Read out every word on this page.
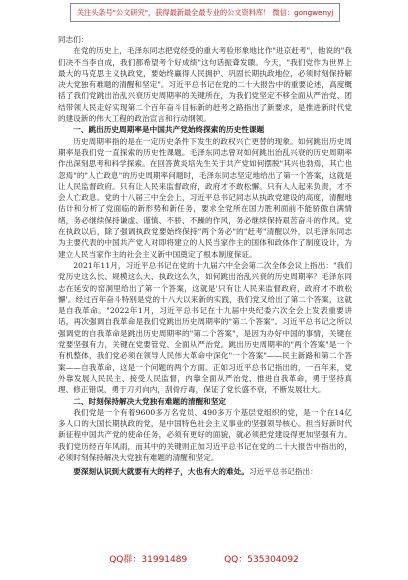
关注头条号"公文研究"，获得最新最全最专业的公文资料库！ 微信：gongwenyj

同志们：

在党的历史上，毛泽东同志把党经受的重大考验形象地比作"进京赶考"，他说的"我们决不当李自成，我们都希望考个好成绩"这句话振聋发聩。今天，"我们党作为世界上最大的马克思主义执政党，要始终赢得人民拥护、巩固长期执政地位，必须时刻保持解决大党独有难题的清醒和坚定"。习近平总书记在党的二十大报告中的重要论述，高度概括了我们党跳出治乱兴衰历史周期率的关键所在，为我们党坚定不移全面从严治党、团结带领人民走好实现第二个百年奋斗目标新的赶考之路指出了新要求，是推进新时代党的建设新的伟大工程的政治宣言和行动纲领。

一、跳出历史周期率是中国共产党始终探索的历史性课题

历史周期率指的是在一定历史条件下发生的政权兴亡更替的现象。如何跳出历史周期率是我们党一直探索的历史性课题。毛泽东同志曾对如何跳出治乱兴衰的历史周期率作出深刻思考和科学探索。在回答黄炎培先生关于共产党如何摆脱"其兴也勃焉，其亡也忽焉"的"人亡政息"的历史周期率问题时，毛泽东同志坚定地给出了第一个答案，这就是让人民监督政府。只有让人民来监督政府，政府才不敢松懈。只有人人起来负责，才不会人亡政息。党的十八届三中全会上，习近平总书记同志从执政党建设的高度，清醒地估计和分析了党面临的新形势和新任务，要求全党所在国力胜利面前不能骄傲自满情绪，务必继续保持谦虚、谨慎、不骄、不躁的作风，务必继续保持艰苦奋斗的作风。党在执政以后，除了强调执政党要始终保持"两个务必"的"赶考"清醒以外，以毛泽东同志为主要代表的中国共产党人对即将建立的人民当家作主的国体和政体作了制度设计，为建立人民当家作主的社会主义新中国奠定了根本制度保证。

2021年11月，习近平总书记在党的十九届六中全会第二次全体会议上指出："我们党历史这么长、规模这么大、执政这么久，如何跳出治乱兴衰的历史周期率？毛泽东同志在延安的窑洞里给出了第一个答案，这就是'只有让人民来监督政府，政府才不敢松懈'。经过百年奋斗特别是党的十八大以来新的实践，我们党又给出了第二个答案，这就是自我革命。"2022年1月，习近平总书记在十九届中央纪委六次全会上发表重要讲话，再次强调自我革命是我们党跳出历史周期率的"第二个答案"。习近平总书记之所以强调党的自我革命是跳出历史周期率的"第二个答案"，是因为办好中国的事情，关键在党要坚强有力，关键在党要管党、全面从严治党。跳出历史周期率的"两个答案"是一个有机整体，我们党必须在领导人民伟大革命中深化"一个答案"——民主新路和第二个答案——自我革命，这是一个问题的两个方面。正如习近平总书记指出的，一百年来，党外靠发展人民民主、接受人民监督，内靠全面从严治党、推进自我革命，勇于坚持真理、修正错误，勇于刀刃向内，刮骨疗毒，保证了党长盛不衰，不断发展壮大。

二、时刻保持解决大党独有难题的清醒和坚定

我们党是一个有着9600多万名党员、490多万个基层党组织的党，是一个在14亿多人口的大国长期执政的党，是中国特色社会主义事业的坚强领导核心。担当好新时代新征程中国共产党的使命任务，必须有更好的面貌，就必须把党建设得更加坚强有力。我们党历经百年风雨，而其中的关键则正加习近平总书记在党的二十大报告中指出的，必须时刻保持解决大党独有难题的清醒和坚定。

要深刻认识到大就要有大的样子，大也有大的难处。习近平总书记指出：

QQ群：31991489	QQ：535304092
